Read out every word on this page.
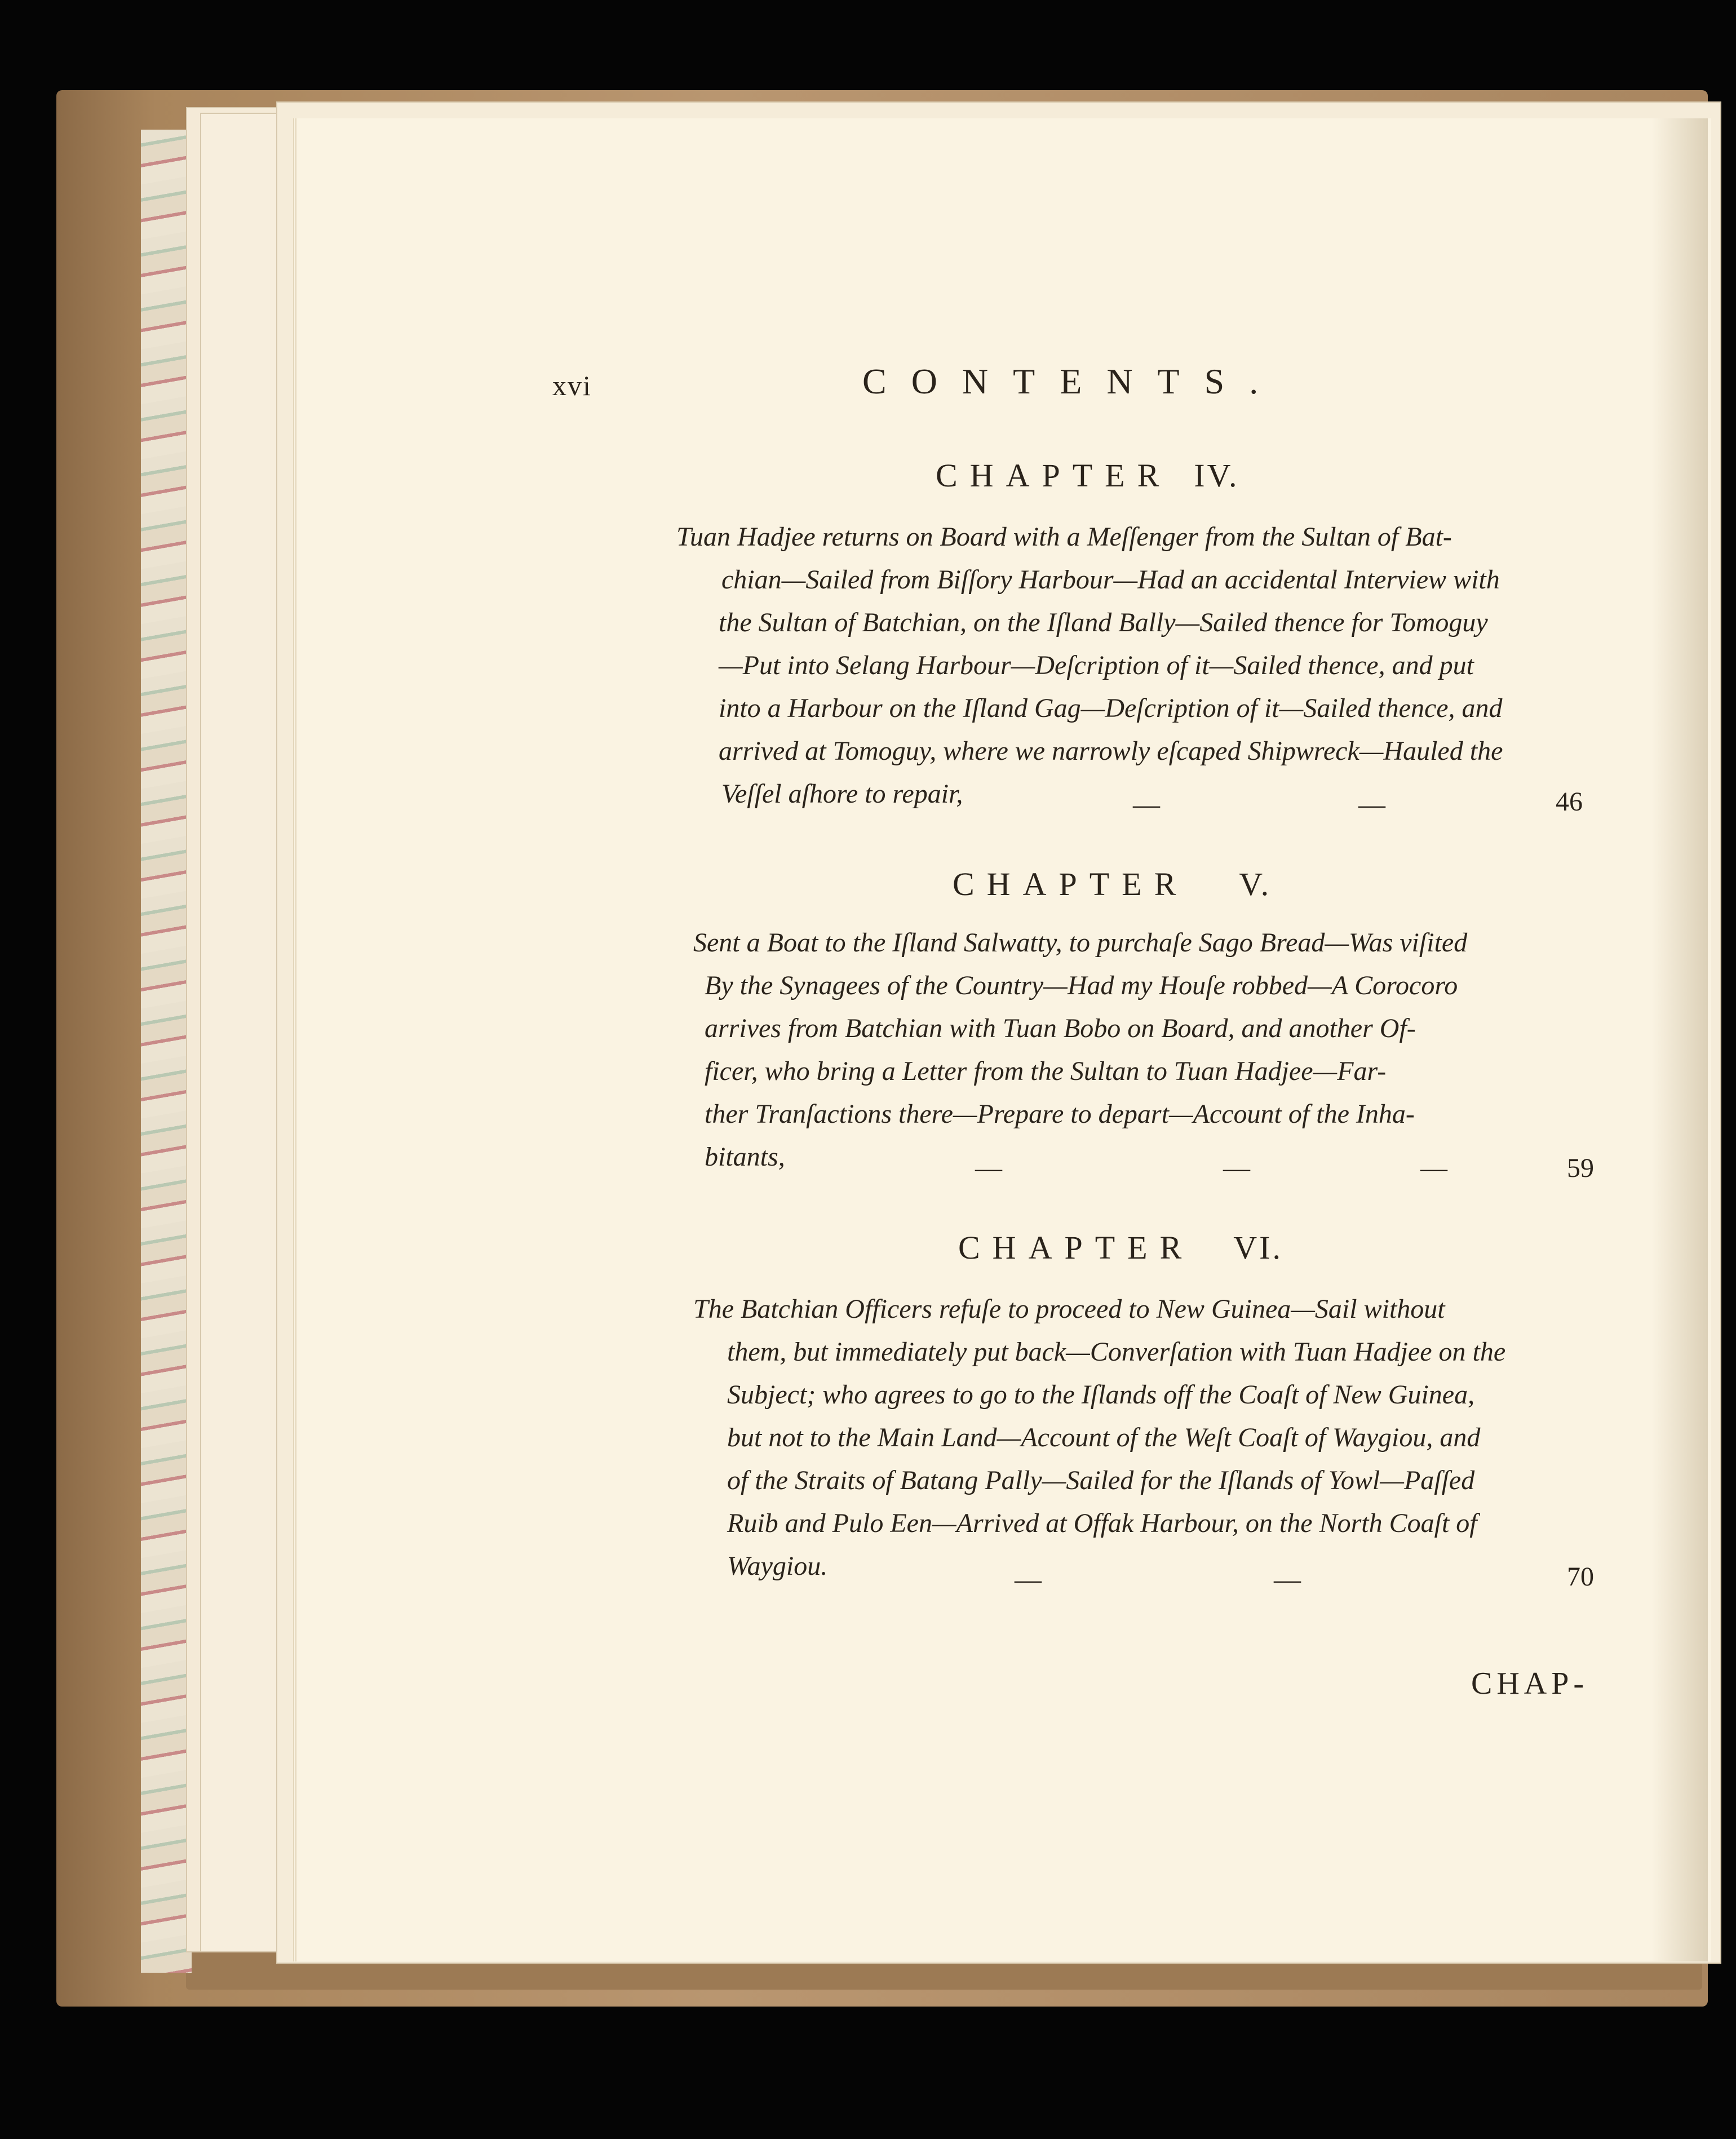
xvi	CONTENTS.
CHAPTER IV.
Tuan Hadjee returns on Board with a Meſſenger from the Sultan of Bat-
chian—Sailed from Biſſory Harbour—Had an accidental Interview with
the Sultan of Batchian, on the Iſland Bally—Sailed thence for Tomoguy
—Put into Selang Harbour—Deſcription of it—Sailed thence, and put
into a Harbour on the Iſland Gag—Deſcription of it—Sailed thence, and
arrived at Tomoguy, where we narrowly eſcaped Shipwreck—Hauled the
Veſſel aſhore to repair,	—	—	46
CHAPTER V.
Sent a Boat to the Iſland Salwatty, to purchaſe Sago Bread—Was viſited
By the Synagees of the Country—Had my Houſe robbed—A Corocoro
arrives from Batchian with Tuan Bobo on Board, and another Of-
ficer, who bring a Letter from the Sultan to Tuan Hadjee—Far-
ther Tranſactions there—Prepare to depart—Account of the Inha-
bitants,	—	—	—	59
CHAPTER VI.
The Batchian Officers refuſe to proceed to New Guinea—Sail without
them, but immediately put back—Converſation with Tuan Hadjee on the
Subject; who agrees to go to the Iſlands off the Coaſt of New Guinea,
but not to the Main Land—Account of the Weſt Coaſt of Waygiou, and
of the Straits of Batang Pally—Sailed for the Iſlands of Yowl—Paſſed
Ruib and Pulo Een—Arrived at Offak Harbour, on the North Coaſt of
Waygiou.	—	—	70
CHAP-
